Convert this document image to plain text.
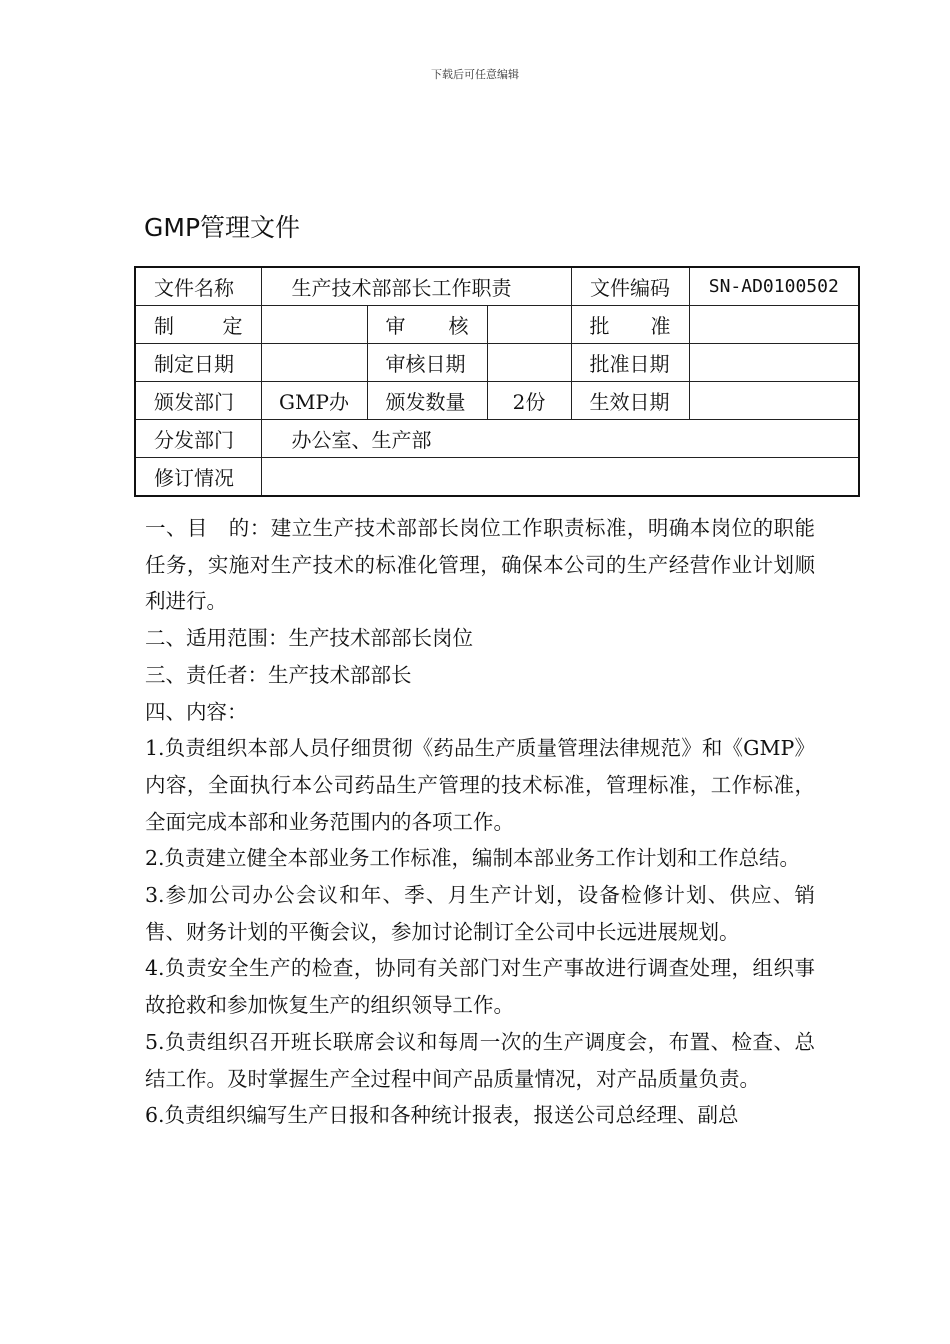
下载后可任意编辑
GMP管理文件
文件名称	生产技术部部长工作职责			文件编码	SN-AD0100502
制　　定		审　　核		批　　准	
制定日期		审核日期		批准日期	
颁发部门	GMP办	颁发数量	2份	生效日期	
分发部门	办公室、生产部				
修订情况					

一、目　的：建立生产技术部部长岗位工作职责标准，明确本岗位的职能任务，实施对生产技术的标准化管理，确保本公司的生产经营作业计划顺利进行。

二、适用范围：生产技术部部长岗位

三、责任者：生产技术部部长

四、内容：

1.负责组织本部人员仔细贯彻《药品生产质量管理法律规范》和《GMP》内容，全面执行本公司药品生产管理的技术标准，管理标准，工作标准，全面完成本部和业务范围内的各项工作。

2.负责建立健全本部业务工作标准，编制本部业务工作计划和工作总结。

3.参加公司办公会议和年、季、月生产计划，设备检修计划、供应、销售、财务计划的平衡会议，参加讨论制订全公司中长远进展规划。

4.负责安全生产的检查，协同有关部门对生产事故进行调查处理，组织事故抢救和参加恢复生产的组织领导工作。

5.负责组织召开班长联席会议和每周一次的生产调度会，布置、检查、总结工作。及时掌握生产全过程中间产品质量情况，对产品质量负责。

6.负责组织编写生产日报和各种统计报表，报送公司总经理、副总
